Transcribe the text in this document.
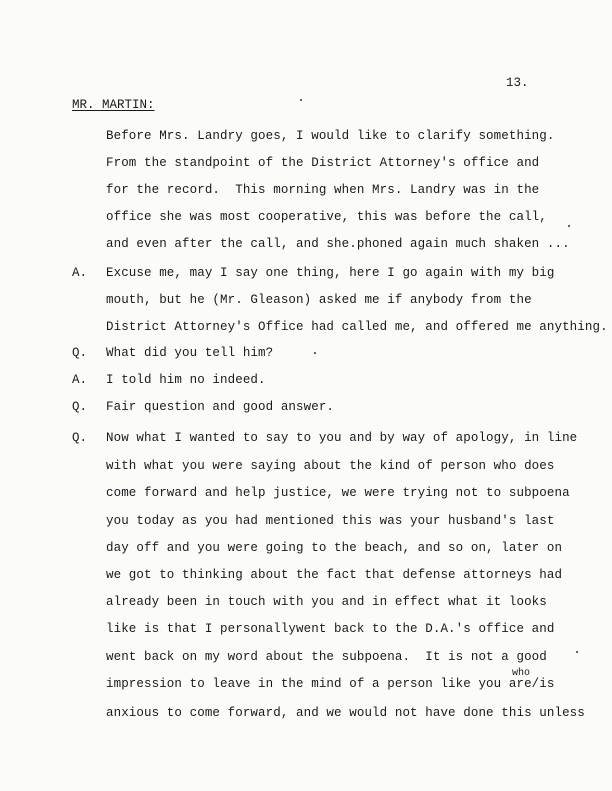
13.
MR. MARTIN:
Before Mrs. Landry goes, I would like to clarify something.
From the standpoint of the District Attorney's office and
for the record.  This morning when Mrs. Landry was in the
office she was most cooperative, this was before the call,
and even after the call, and she.phoned again much shaken ...
A. Excuse me, may I say one thing, here I go again with my big
mouth, but he (Mr. Gleason) asked me if anybody from the
District Attorney's Office had called me, and offered me anything.
Q. What did you tell him?
A. I told him no indeed.
Q. Fair question and good answer.
Q. Now what I wanted to say to you and by way of apology, in line
with what you were saying about the kind of person who does
come forward and help justice, we were trying not to subpoena
you today as you had mentioned this was your husband's last
day off and you were going to the beach, and so on, later on
we got to thinking about the fact that defense attorneys had
already been in touch with you and in effect what it looks
like is that I personallywent back to the D.A.'s office and
went back on my word about the subpoena.  It is not a good
who
impression to leave in the mind of a person like you are/is
anxious to come forward, and we would not have done this unless
